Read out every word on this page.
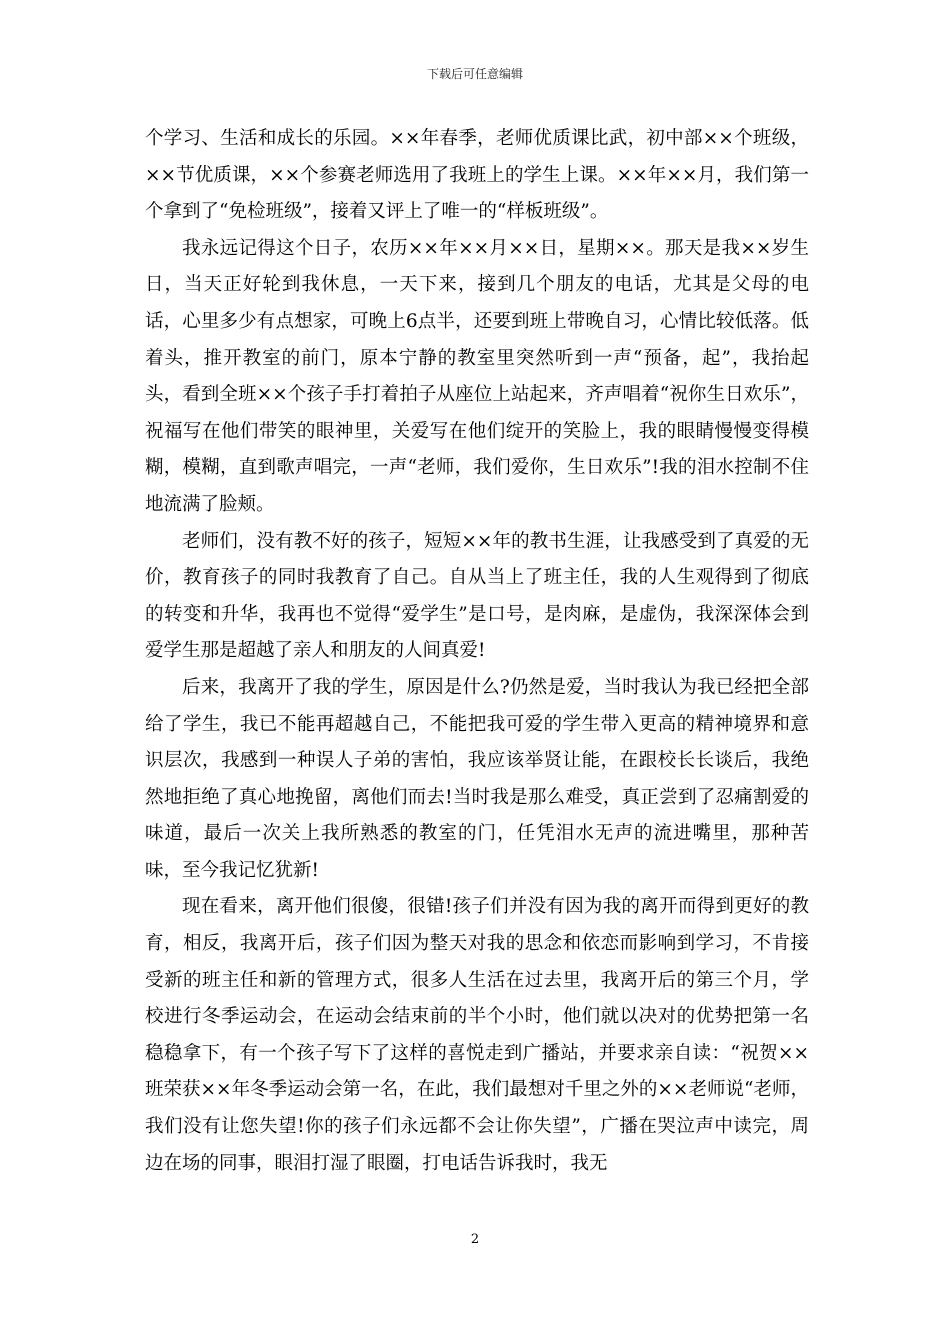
下载后可任意编辑

个学习、生活和成长的乐园。××年春季，老师优质课比武，初中部××个班级，××节优质课，××个参赛老师选用了我班上的学生上课。××年××月，我们第一个拿到了“免检班级”，接着又评上了唯一的“样板班级”。

我永远记得这个日子，农历××年××月××日，星期××。那天是我××岁生日，当天正好轮到我休息，一天下来，接到几个朋友的电话，尤其是父母的电话，心里多少有点想家，可晚上6点半，还要到班上带晚自习，心情比较低落。低着头，推开教室的前门，原本宁静的教室里突然听到一声“预备，起”，我抬起头，看到全班××个孩子手打着拍子从座位上站起来，齐声唱着“祝你生日欢乐”，祝福写在他们带笑的眼神里，关爱写在他们绽开的笑脸上，我的眼睛慢慢变得模糊，模糊，直到歌声唱完，一声“老师，我们爱你，生日欢乐”!我的泪水控制不住地流满了脸颊。

老师们，没有教不好的孩子，短短××年的教书生涯，让我感受到了真爱的无价，教育孩子的同时我教育了自己。自从当上了班主任，我的人生观得到了彻底的转变和升华，我再也不觉得“爱学生”是口号，是肉麻，是虚伪，我深深体会到爱学生那是超越了亲人和朋友的人间真爱!

后来，我离开了我的学生，原因是什么?仍然是爱，当时我认为我已经把全部给了学生，我已不能再超越自己，不能把我可爱的学生带入更高的精神境界和意识层次，我感到一种误人子弟的害怕，我应该举贤让能，在跟校长长谈后，我绝然地拒绝了真心地挽留，离他们而去!当时我是那么难受，真正尝到了忍痛割爱的味道，最后一次关上我所熟悉的教室的门，任凭泪水无声的流进嘴里，那种苦味，至今我记忆犹新!

现在看来，离开他们很傻，很错!孩子们并没有因为我的离开而得到更好的教育，相反，我离开后，孩子们因为整天对我的思念和依恋而影响到学习，不肯接受新的班主任和新的管理方式，很多人生活在过去里，我离开后的第三个月，学校进行冬季运动会，在运动会结束前的半个小时，他们就以决对的优势把第一名稳稳拿下，有一个孩子写下了这样的喜悦走到广播站，并要求亲自读：“祝贺××班荣获××年冬季运动会第一名，在此，我们最想对千里之外的××老师说“老师，我们没有让您失望!你的孩子们永远都不会让你失望”，广播在哭泣声中读完，周边在场的同事，眼泪打湿了眼圈，打电话告诉我时，我无

2
